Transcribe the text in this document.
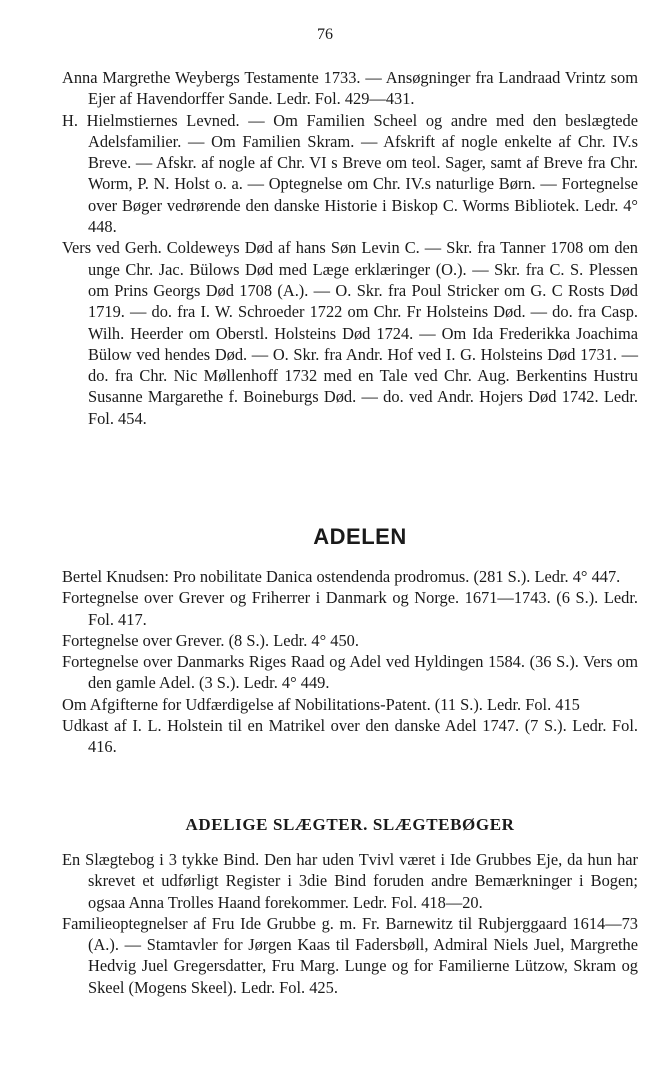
76

Anna Margrethe Weybergs Testamente 1733. — Ansøgninger fra Landraad Vrintz som Ejer af Havendorffer Sande. Ledr. Fol. 429—431.

H. Hielmstiernes Levned. — Om Familien Scheel og andre med den beslægtede Adelsfamilier. — Om Familien Skram. — Afskrift af nogle enkelte af Chr. IV.s Breve. — Afskr. af nogle af Chr. VI s Breve om teol. Sager, samt af Breve fra Chr. Worm, P. N. Holst o. a. — Optegnelse om Chr. IV.s naturlige Børn. — Fortegnelse over Bøger vedrørende den danske Historie i Biskop C. Worms Bibliotek. Ledr. 4° 448.

Vers ved Gerh. Coldeweys Død af hans Søn Levin C. — Skr. fra Tanner 1708 om den unge Chr. Jac. Bülows Død med Læge erklæringer (O.). — Skr. fra C. S. Plessen om Prins Georgs Død 1708 (A.). — O. Skr. fra Poul Stricker om G. C Rosts Død 1719. — do. fra I. W. Schroeder 1722 om Chr. Fr Holsteins Død. — do. fra Casp. Wilh. Heerder om Oberstl. Holsteins Død 1724. — Om Ida Frederikka Joachima Bülow ved hendes Død. — O. Skr. fra Andr. Hof ved I. G. Holsteins Død 1731. — do. fra Chr. Nic Møllenhoff 1732 med en Tale ved Chr. Aug. Berkentins Hustru Susanne Margarethe f. Boineburgs Død. — do. ved Andr. Hojers Død 1742. Ledr. Fol. 454.

ADELEN

Bertel Knudsen: Pro nobilitate Danica ostendenda prodromus. (281 S.). Ledr. 4° 447.

Fortegnelse over Grever og Friherrer i Danmark og Norge. 1671—1743. (6 S.). Ledr. Fol. 417.

Fortegnelse over Grever. (8 S.). Ledr. 4° 450.

Fortegnelse over Danmarks Riges Raad og Adel ved Hyldingen 1584. (36 S.). Vers om den gamle Adel. (3 S.). Ledr. 4° 449.

Om Afgifterne for Udfærdigelse af Nobilitations-Patent. (11 S.). Ledr. Fol. 415

Udkast af I. L. Holstein til en Matrikel over den danske Adel 1747. (7 S.). Ledr. Fol. 416.

ADELIGE SLÆGTER. SLÆGTEBØGER

En Slægtebog i 3 tykke Bind. Den har uden Tvivl været i Ide Grubbes Eje, da hun har skrevet et udførligt Register i 3die Bind foruden andre Bemærkninger i Bogen; ogsaa Anna Trolles Haand forekommer. Ledr. Fol. 418—20.

Familieoptegnelser af Fru Ide Grubbe g. m. Fr. Barnewitz til Rubjerggaard 1614—73 (A.). — Stamtavler for Jørgen Kaas til Fadersbøll, Admiral Niels Juel, Margrethe Hedvig Juel Gregersdatter, Fru Marg. Lunge og for Familierne Lützow, Skram og Skeel (Mogens Skeel). Ledr. Fol. 425.
